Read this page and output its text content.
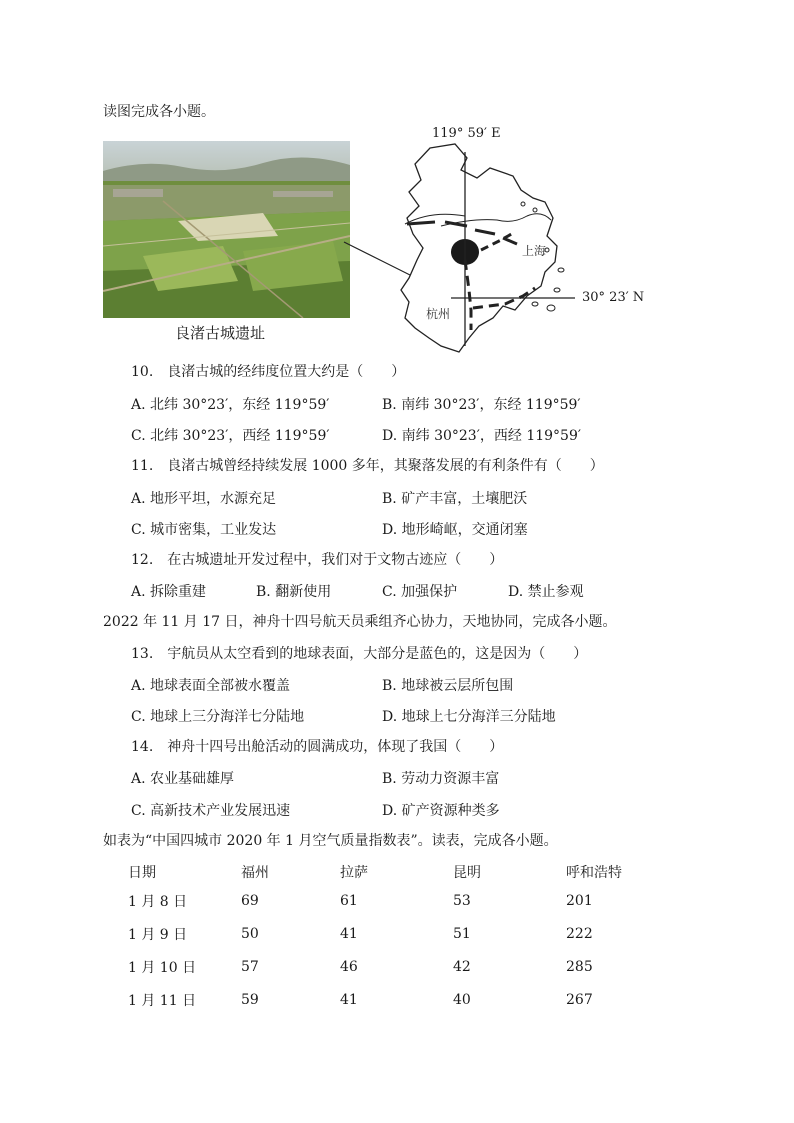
读图完成各小题。
良渚古城遗址
119° 59′ E
30° 23′ N
上海
杭州
10.　良渚古城的经纬度位置大约是（　　）
A. 北纬 30°23′，东经 119°59′	B. 南纬 30°23′，东经 119°59′
C. 北纬 30°23′，西经 119°59′	D. 南纬 30°23′，西经 119°59′
11.　良渚古城曾经持续发展 1000 多年，其聚落发展的有利条件有（　　）
A. 地形平坦，水源充足	B. 矿产丰富，土壤肥沃
C. 城市密集，工业发达	D. 地形崎岖，交通闭塞
12.　在古城遗址开发过程中，我们对于文物古迹应（　　）
A. 拆除重建	B. 翻新使用	C. 加强保护	D. 禁止参观
2022 年 11 月 17 日，神舟十四号航天员乘组齐心协力，天地协同，完成各小题。
13.　宇航员从太空看到的地球表面，大部分是蓝色的，这是因为（　　）
A. 地球表面全部被水覆盖	B. 地球被云层所包围
C. 地球上三分海洋七分陆地	D. 地球上七分海洋三分陆地
14.　神舟十四号出舱活动的圆满成功，体现了我国（　　）
A. 农业基础雄厚	B. 劳动力资源丰富
C. 高新技术产业发展迅速	D. 矿产资源种类多
如表为“中国四城市 2020 年 1 月空气质量指数表”。读表，完成各小题。
日期	福州	拉萨	昆明	呼和浩特
1 月 8 日	69	61	53	201
1 月 9 日	50	41	51	222
1 月 10 日	57	46	42	285
1 月 11 日	59	41	40	267
